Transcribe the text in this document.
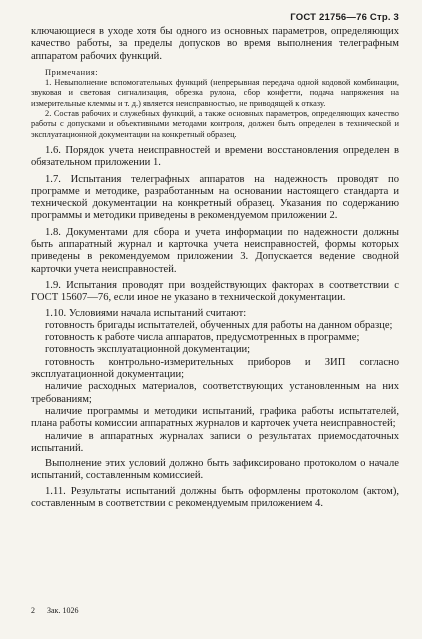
ГОСТ 21756—76 Стр. 3

ключающиеся в уходе хотя бы одного из основных параметров, определяющих качество работы, за пределы допусков во время выполнения телеграфным аппаратом рабочих функций.

Примечания:

1. Невыполнение вспомогательных функций (непрерывная передача одной кодовой комбинации, звуковая и световая сигнализация, обрезка рулона, сбор конфетти, подача напряжения на измерительные клеммы и т. д.) является неисправностью, не приводящей к отказу.

2. Состав рабочих и служебных функций, а также основных параметров, определяющих качество работы с допусками и объективными методами контроля, должен быть определен в технической и эксплуатационной документации на конкретный образец.

1.6. Порядок учета неисправностей и времени восстановления определен в обязательном приложении 1.

1.7. Испытания телеграфных аппаратов на надежность проводят по программе и методике, разработанным на основании настоящего стандарта и технической документации на конкретный образец. Указания по содержанию программы и методики приведены в рекомендуемом приложении 2.

1.8. Документами для сбора и учета информации по надежности должны быть аппаратный журнал и карточка учета неисправностей, формы которых приведены в рекомендуемом приложении 3. Допускается ведение сводной карточки учета неисправностей.

1.9. Испытания проводят при воздействующих факторах в соответствии с ГОСТ 15607—76, если иное не указано в технической документации.

1.10. Условиями начала испытаний считают:

готовность бригады испытателей, обученных для работы на данном образце;

готовность к работе числа аппаратов, предусмотренных в программе;

готовность эксплуатационной документации;

готовность контрольно-измерительных приборов и ЗИП согласно эксплуатационной документации;

наличие расходных материалов, соответствующих установленным на них требованиям;

наличие программы и методики испытаний, графика работы испытателей, плана работы комиссии аппаратных журналов и карточек учета неисправностей;

наличие в аппаратных журналах записи о результатах приемосдаточных испытаний.

Выполнение этих условий должно быть зафиксировано протоколом о начале испытаний, составленным комиссией.

1.11. Результаты испытаний должны быть оформлены протоколом (актом), составленным в соответствии с рекомендуемым приложением 4.

2 Зак. 1026
